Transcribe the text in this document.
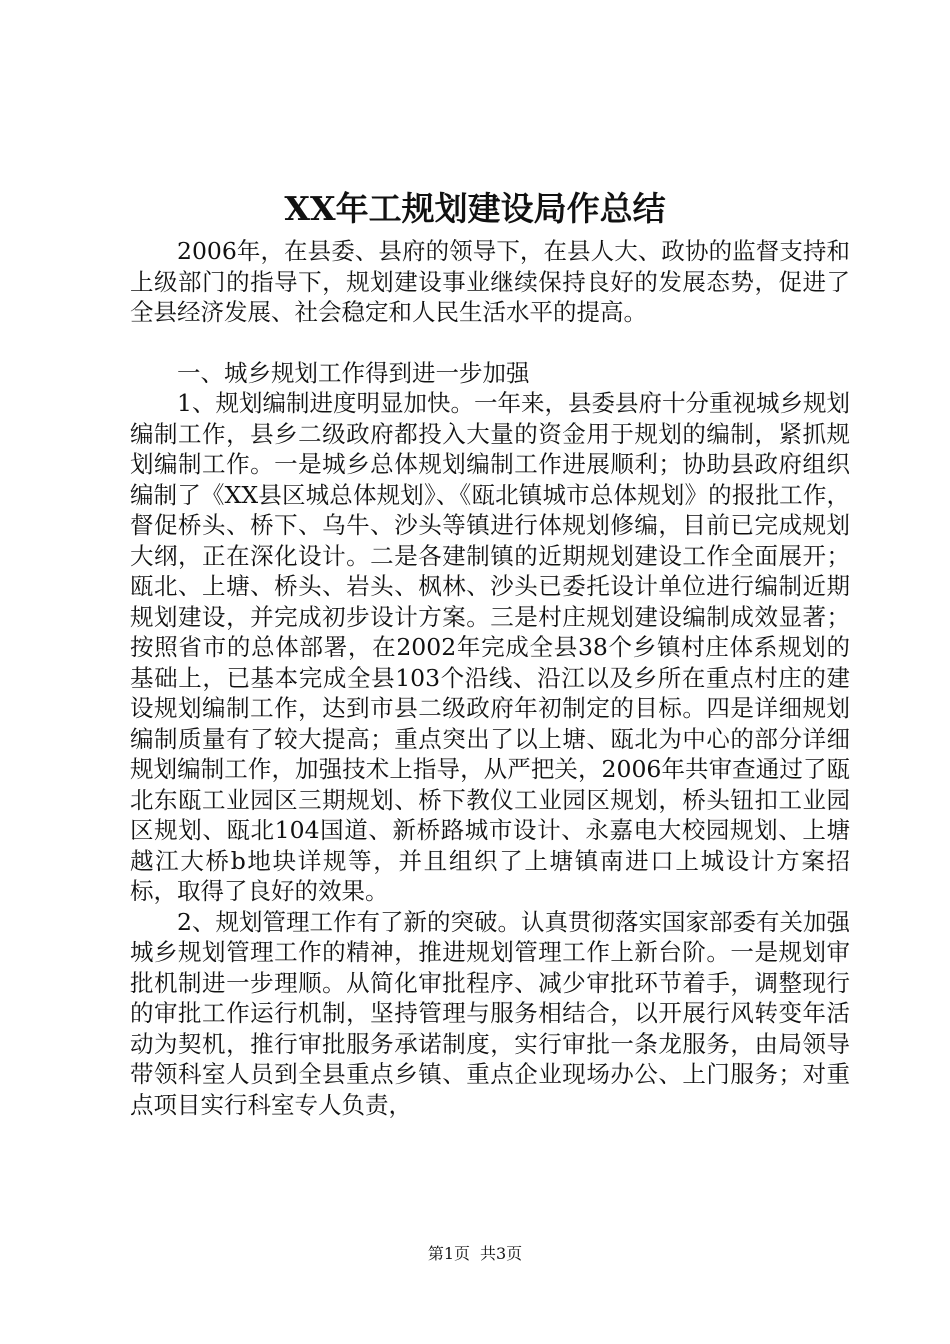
XX年工规划建设局作总结

2006年，在县委、县府的领导下，在县人大、政协的监督支持和上级部门的指导下，规划建设事业继续保持良好的发展态势，促进了全县经济发展、社会稳定和人民生活水平的提高。

一、城乡规划工作得到进一步加强

1、规划编制进度明显加快。一年来，县委县府十分重视城乡规划编制工作，县乡二级政府都投入大量的资金用于规划的编制，紧抓规划编制工作。一是城乡总体规划编制工作进展顺利；协助县政府组织编制了《XX县区城总体规划》、《瓯北镇城市总体规划》的报批工作，督促桥头、桥下、乌牛、沙头等镇进行体规划修编，目前已完成规划大纲，正在深化设计。二是各建制镇的近期规划建设工作全面展开；瓯北、上塘、桥头、岩头、枫林、沙头已委托设计单位进行编制近期规划建设，并完成初步设计方案。三是村庄规划建设编制成效显著；按照省市的总体部署，在2002年完成全县38个乡镇村庄体系规划的基础上，已基本完成全县103个沿线、沿江以及乡所在重点村庄的建设规划编制工作，达到市县二级政府年初制定的目标。四是详细规划编制质量有了较大提高；重点突出了以上塘、瓯北为中心的部分详细规划编制工作，加强技术上指导，从严把关，2006年共审查通过了瓯北东瓯工业园区三期规划、桥下教仪工业园区规划，桥头钮扣工业园区规划、瓯北104国道、新桥路城市设计、永嘉电大校园规划、上塘越江大桥b地块详规等，并且组织了上塘镇南进口上城设计方案招标，取得了良好的效果。

2、规划管理工作有了新的突破。认真贯彻落实国家部委有关加强城乡规划管理工作的精神，推进规划管理工作上新台阶。一是规划审批机制进一步理顺。从简化审批程序、减少审批环节着手，调整现行的审批工作运行机制，坚持管理与服务相结合，以开展行风转变年活动为契机，推行审批服务承诺制度，实行审批一条龙服务，由局领导带领科室人员到全县重点乡镇、重点企业现场办公、上门服务；对重点项目实行科室专人负责，

第1页 共3页
